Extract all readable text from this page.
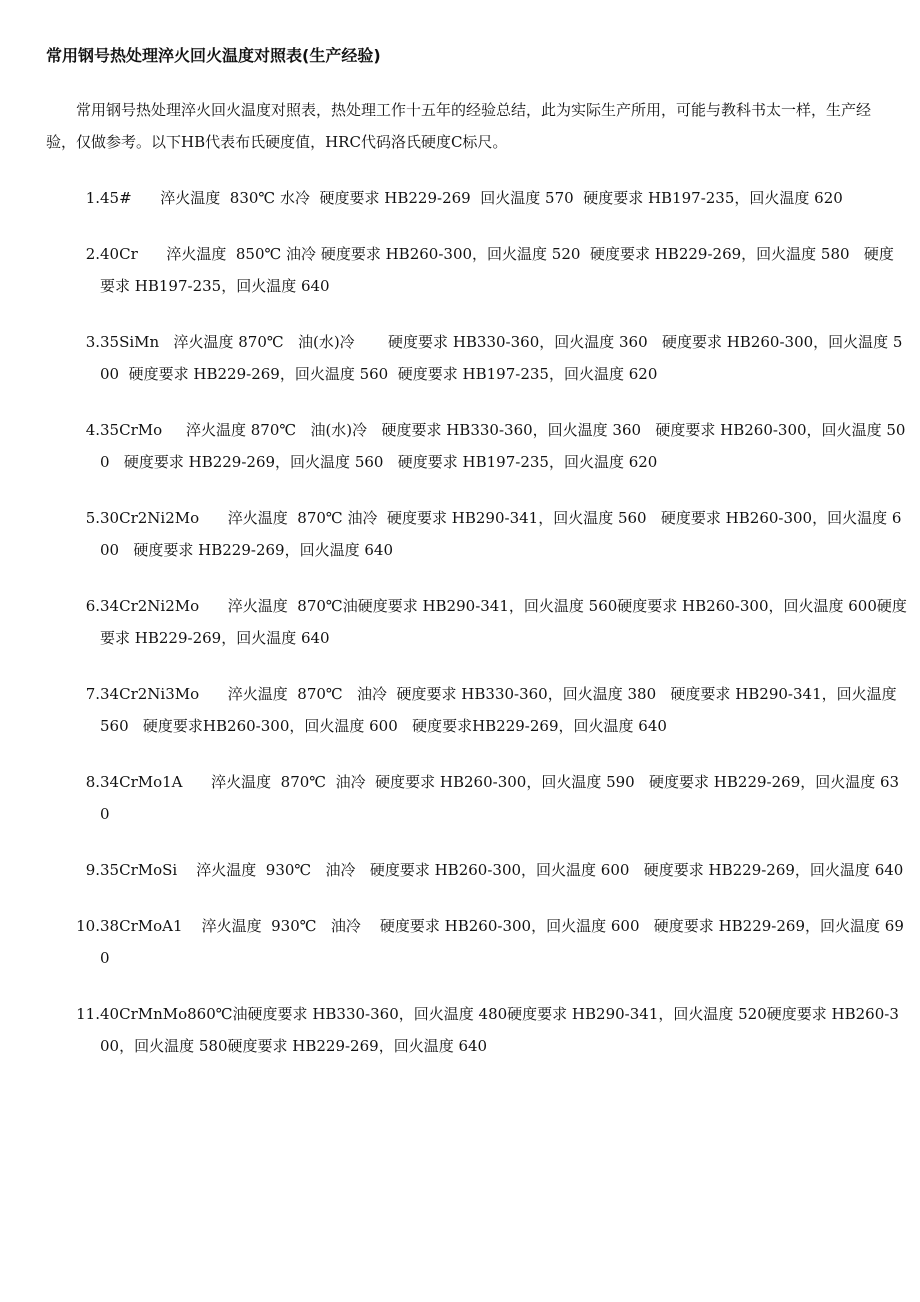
常用钢号热处理淬火回火温度对照表(生产经验)

常用钢号热处理淬火回火温度对照表，热处理工作十五年的经验总结，此为实际生产所用，可能与教科书太一样，生产经验，仅做参考。以下HB代表布氏硬度值，HRC代码洛氏硬度C标尺。

1. 45#      淬火温度  830℃ 水冷  硬度要求 HB229-269  回火温度 570  硬度要求 HB197-235，回火温度 620
2. 40Cr      淬火温度  850℃ 油冷 硬度要求 HB260-300，回火温度 520  硬度要求 HB229-269，回火温度 580   硬度要求 HB197-235，回火温度 640
3. 35SiMn   淬火温度 870℃   油(水)冷       硬度要求 HB330-360，回火温度 360   硬度要求 HB260-300，回火温度 500  硬度要求 HB229-269，回火温度 560  硬度要求 HB197-235，回火温度 620
4. 35CrMo     淬火温度 870℃   油(水)冷   硬度要求 HB330-360，回火温度 360   硬度要求 HB260-300，回火温度 500   硬度要求 HB229-269，回火温度 560   硬度要求 HB197-235，回火温度 620
5. 30Cr2Ni2Mo      淬火温度  870℃ 油冷  硬度要求 HB290-341，回火温度 560   硬度要求 HB260-300，回火温度 600   硬度要求 HB229-269，回火温度 640
6. 34Cr2Ni2Mo      淬火温度  870℃油硬度要求 HB290-341，回火温度 560硬度要求 HB260-300，回火温度 600硬度要求 HB229-269，回火温度 640
7. 34Cr2Ni3Mo      淬火温度  870℃   油冷  硬度要求 HB330-360，回火温度 380   硬度要求 HB290-341，回火温度 560   硬度要求HB260-300，回火温度 600   硬度要求HB229-269，回火温度 640
8. 34CrMo1A      淬火温度  870℃  油冷  硬度要求 HB260-300，回火温度 590   硬度要求 HB229-269，回火温度 630
9. 35CrMoSi    淬火温度  930℃   油冷   硬度要求 HB260-300，回火温度 600   硬度要求 HB229-269，回火温度 640
10. 38CrMoA1    淬火温度  930℃   油冷    硬度要求 HB260-300，回火温度 600   硬度要求 HB229-269，回火温度 690
11. 40CrMnMo860℃油硬度要求 HB330-360，回火温度 480硬度要求 HB290-341，回火温度 520硬度要求 HB260-300，回火温度 580硬度要求 HB229-269，回火温度 640
